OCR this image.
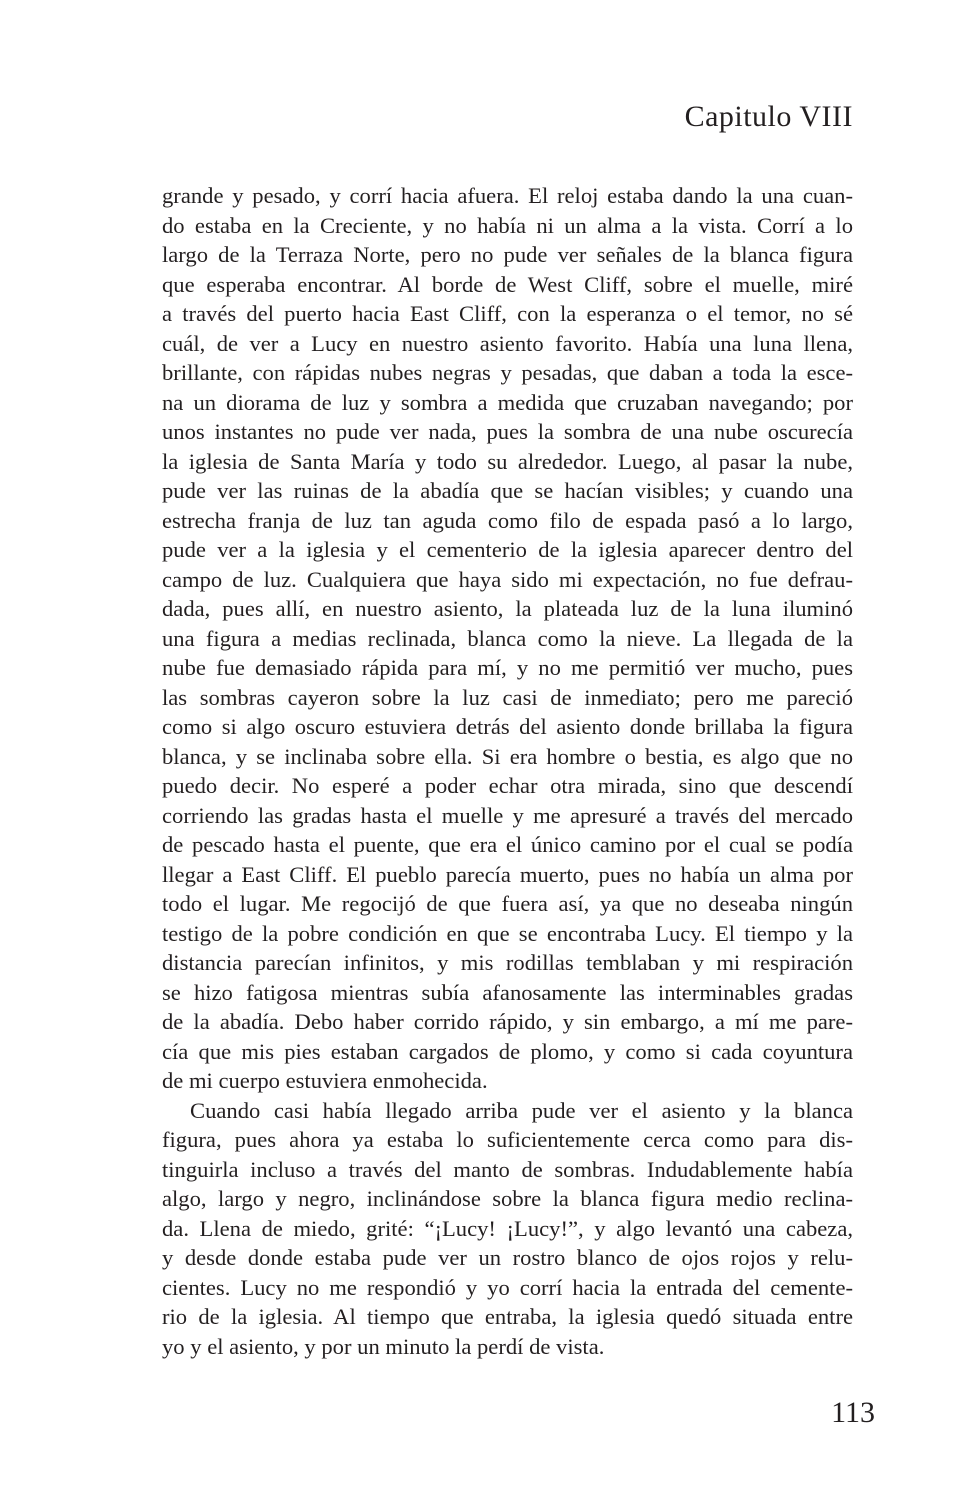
Capitulo VIII
grande y pesado, y corrí hacia afuera. El reloj estaba dando la una cuan-
do estaba en la Creciente, y no había ni un alma a la vista. Corrí a lo
largo de la Terraza Norte, pero no pude ver señales de la blanca figura
que esperaba encontrar. Al borde de West Cliff, sobre el muelle, miré
a través del puerto hacia East Cliff, con la esperanza o el temor, no sé
cuál, de ver a Lucy en nuestro asiento favorito. Había una luna llena,
brillante, con rápidas nubes negras y pesadas, que daban a toda la esce-
na un diorama de luz y sombra a medida que cruzaban navegando; por
unos instantes no pude ver nada, pues la sombra de una nube oscurecía
la iglesia de Santa María y todo su alrededor. Luego, al pasar la nube,
pude ver las ruinas de la abadía que se hacían visibles; y cuando una
estrecha franja de luz tan aguda como filo de espada pasó a lo largo,
pude ver a la iglesia y el cementerio de la iglesia aparecer dentro del
campo de luz. Cualquiera que haya sido mi expectación, no fue defrau-
dada, pues allí, en nuestro asiento, la plateada luz de la luna iluminó
una figura a medias reclinada, blanca como la nieve. La llegada de la
nube fue demasiado rápida para mí, y no me permitió ver mucho, pues
las sombras cayeron sobre la luz casi de inmediato; pero me pareció
como si algo oscuro estuviera detrás del asiento donde brillaba la figura
blanca, y se inclinaba sobre ella. Si era hombre o bestia, es algo que no
puedo decir. No esperé a poder echar otra mirada, sino que descendí
corriendo las gradas hasta el muelle y me apresuré a través del mercado
de pescado hasta el puente, que era el único camino por el cual se podía
llegar a East Cliff. El pueblo parecía muerto, pues no había un alma por
todo el lugar. Me regocijó de que fuera así, ya que no deseaba ningún
testigo de la pobre condición en que se encontraba Lucy. El tiempo y la
distancia parecían infinitos, y mis rodillas temblaban y mi respiración
se hizo fatigosa mientras subía afanosamente las interminables gradas
de la abadía. Debo haber corrido rápido, y sin embargo, a mí me pare-
cía que mis pies estaban cargados de plomo, y como si cada coyuntura
de mi cuerpo estuviera enmohecida.
Cuando casi había llegado arriba pude ver el asiento y la blanca
figura, pues ahora ya estaba lo suficientemente cerca como para dis-
tinguirla incluso a través del manto de sombras. Indudablemente había
algo, largo y negro, inclinándose sobre la blanca figura medio reclina-
da. Llena de miedo, grité: “¡Lucy! ¡Lucy!”, y algo levantó una cabeza,
y desde donde estaba pude ver un rostro blanco de ojos rojos y relu-
cientes. Lucy no me respondió y yo corrí hacia la entrada del cemente-
rio de la iglesia. Al tiempo que entraba, la iglesia quedó situada entre
yo y el asiento, y por un minuto la perdí de vista.

113
